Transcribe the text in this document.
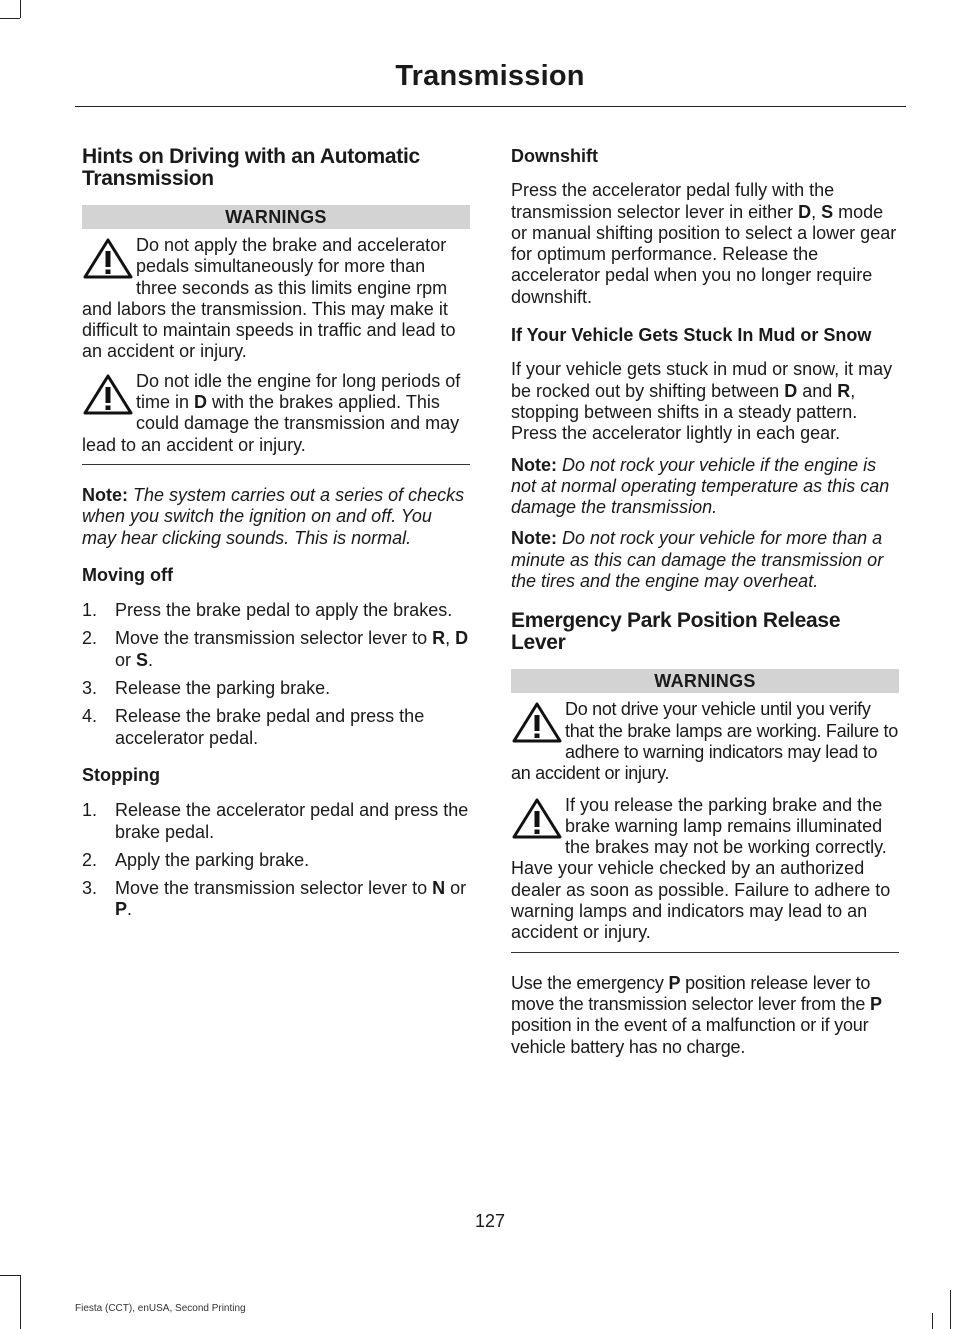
Transmission
Hints on Driving with an Automatic Transmission
WARNINGS

Do not apply the brake and accelerator pedals simultaneously for more than three seconds as this limits engine rpm and labors the transmission. This may make it difficult to maintain speeds in traffic and lead to an accident or injury.

Do not idle the engine for long periods of time in D with the brakes applied. This could damage the transmission and may lead to an accident or injury.

Note: The system carries out a series of checks when you switch the ignition on and off. You may hear clicking sounds. This is normal.

Moving off
1. Press the brake pedal to apply the brakes.
2. Move the transmission selector lever to R, D or S.
3. Release the parking brake.
4. Release the brake pedal and press the accelerator pedal.
Stopping
1. Release the accelerator pedal and press the brake pedal.
2. Apply the parking brake.
3. Move the transmission selector lever to N or P.
Downshift

Press the accelerator pedal fully with the transmission selector lever in either D, S mode or manual shifting position to select a lower gear for optimum performance. Release the accelerator pedal when you no longer require downshift.

If Your Vehicle Gets Stuck In Mud or Snow

If your vehicle gets stuck in mud or snow, it may be rocked out by shifting between D and R, stopping between shifts in a steady pattern. Press the accelerator lightly in each gear.

Note: Do not rock your vehicle if the engine is not at normal operating temperature as this can damage the transmission.

Note: Do not rock your vehicle for more than a minute as this can damage the transmission or the tires and the engine may overheat.

Emergency Park Position Release Lever
WARNINGS

Do not drive your vehicle until you verify that the brake lamps are working. Failure to adhere to warning indicators may lead to an accident or injury.

If you release the parking brake and the brake warning lamp remains illuminated the brakes may not be working correctly. Have your vehicle checked by an authorized dealer as soon as possible. Failure to adhere to warning lamps and indicators may lead to an accident or injury.

Use the emergency P position release lever to move the transmission selector lever from the P position in the event of a malfunction or if your vehicle battery has no charge.

127
Fiesta (CCT), enUSA, Second Printing
